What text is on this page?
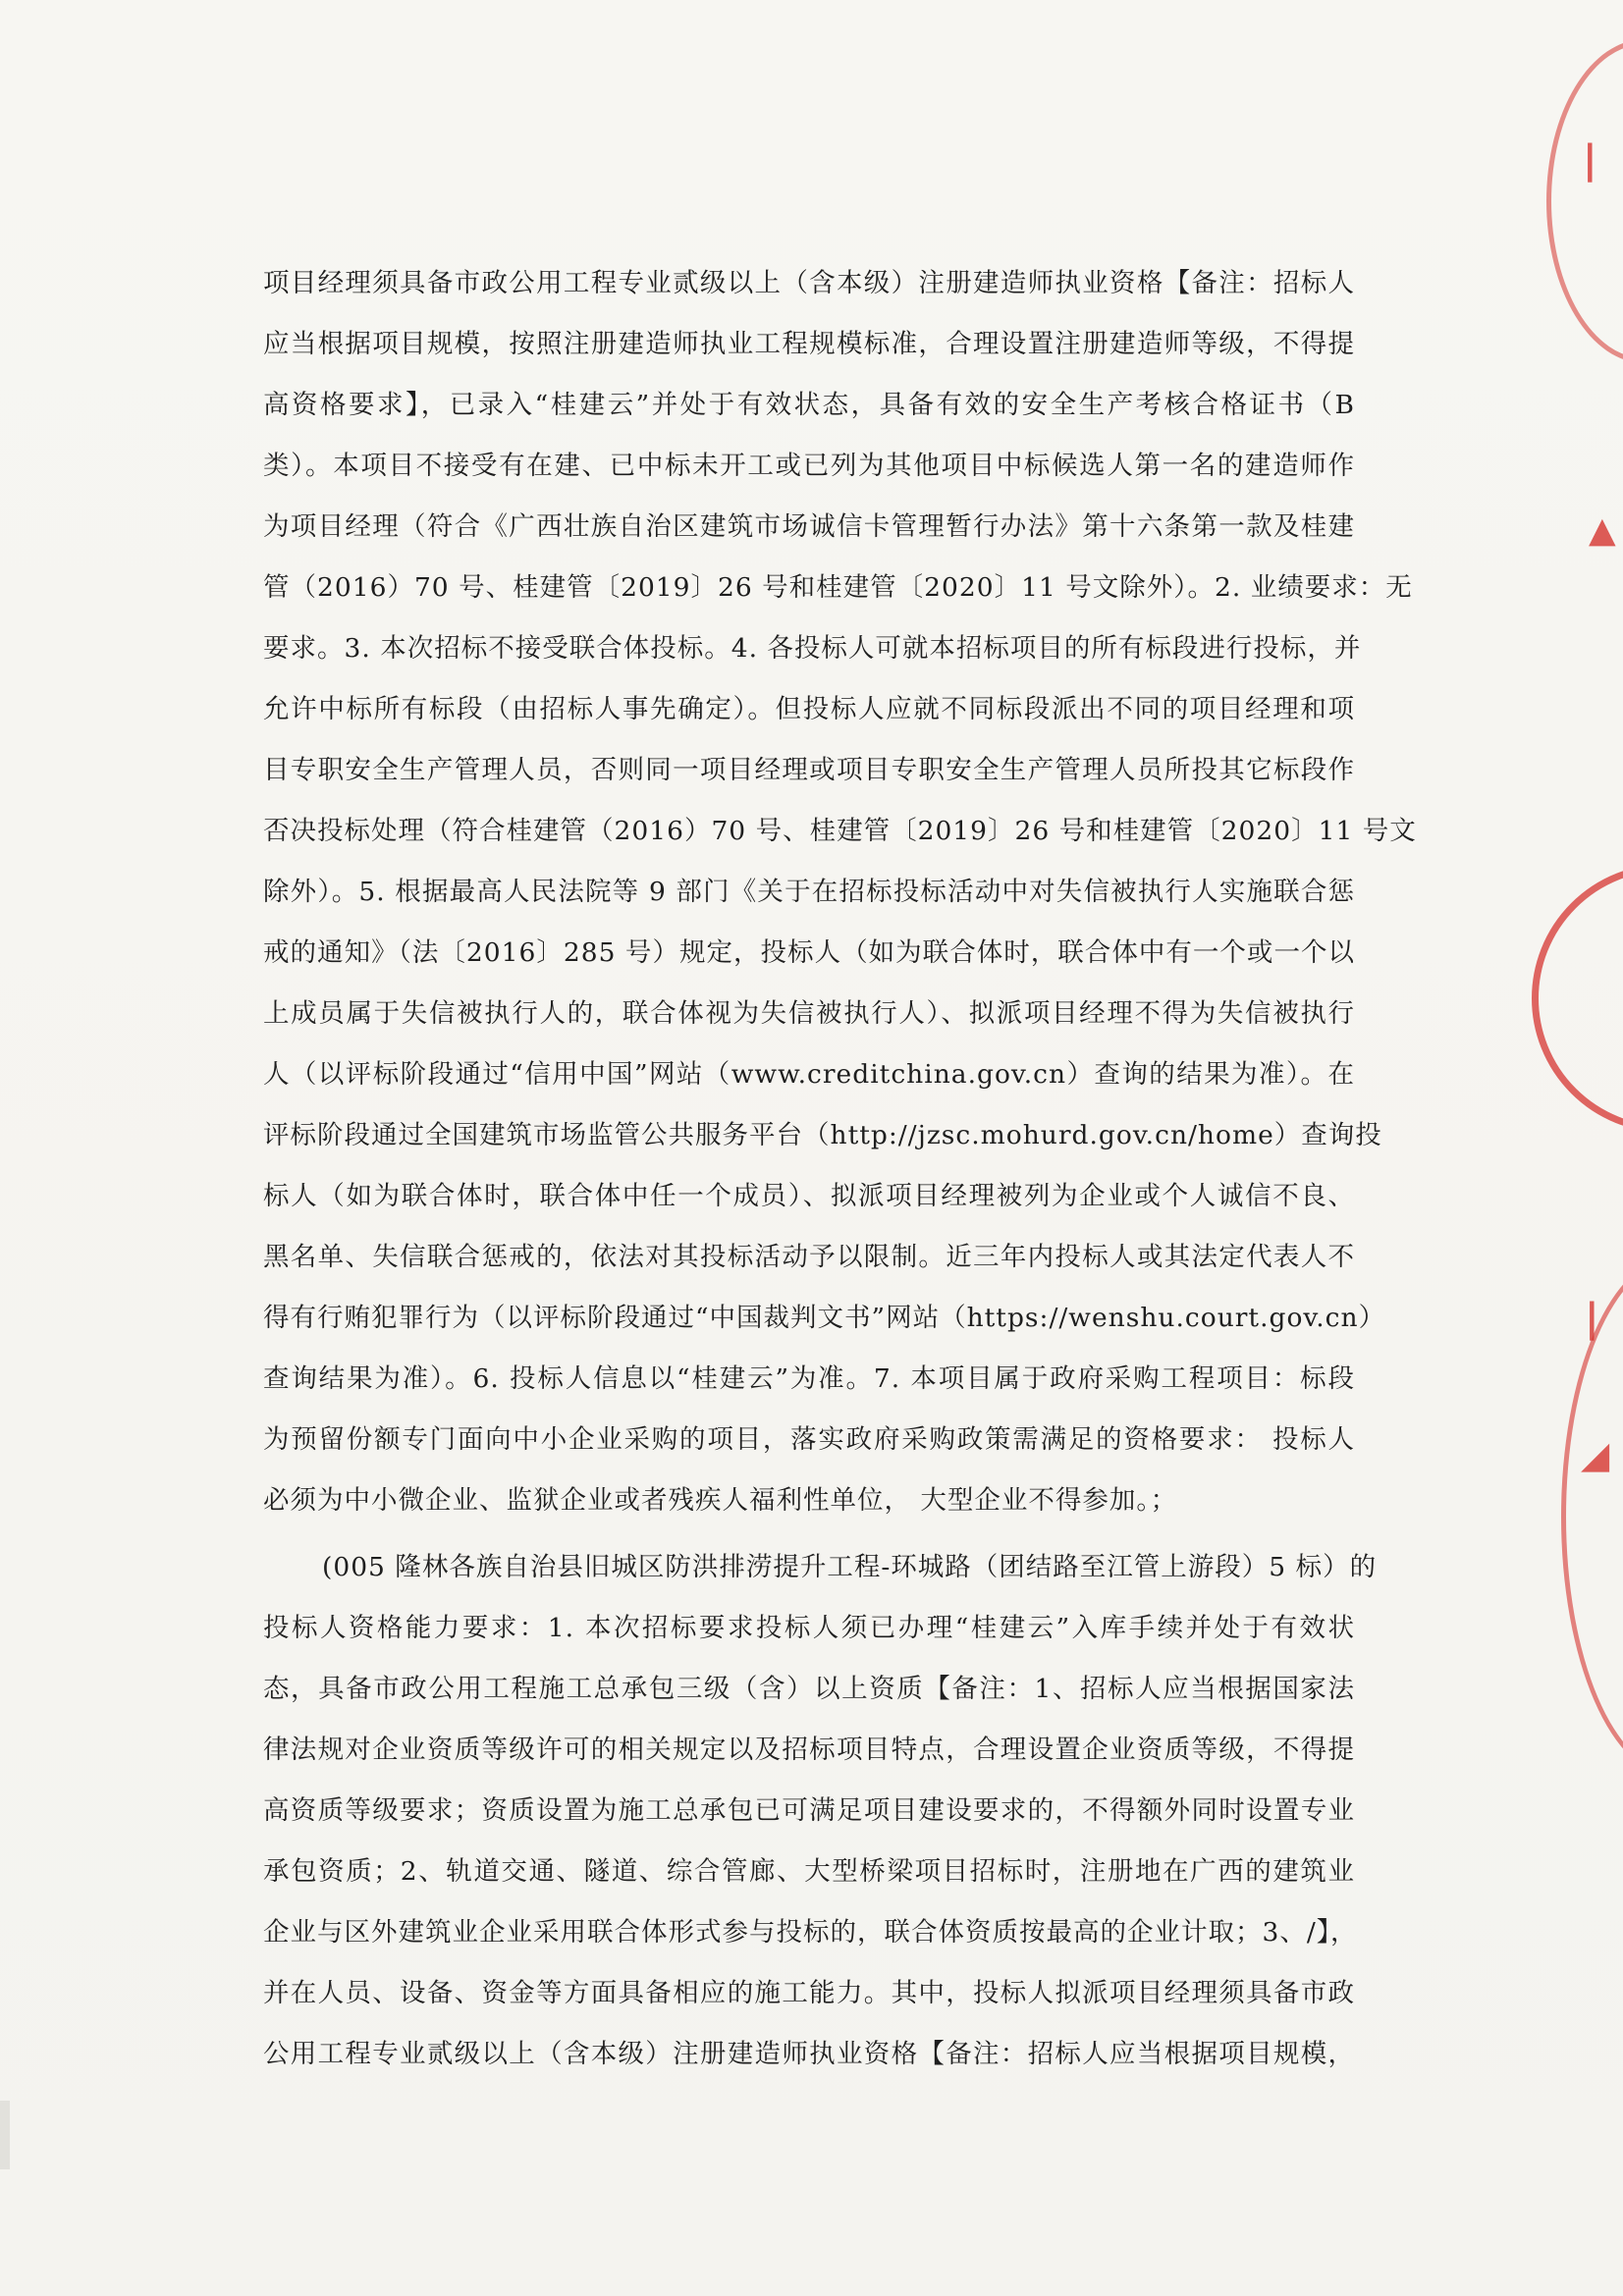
项目经理须具备市政公用工程专业贰级以上（含本级）注册建造师执业资格【备注：招标人
应当根据项目规模，按照注册建造师执业工程规模标准，合理设置注册建造师等级，不得提
高资格要求】，已录入“桂建云”并处于有效状态，具备有效的安全生产考核合格证书（B
类）。本项目不接受有在建、已中标未开工或已列为其他项目中标候选人第一名的建造师作
为项目经理（符合《广西壮族自治区建筑市场诚信卡管理暂行办法》第十六条第一款及桂建
管（2016）70 号、桂建管〔2019〕26 号和桂建管〔2020〕11 号文除外）。2. 业绩要求：无
要求。3. 本次招标不接受联合体投标。4. 各投标人可就本招标项目的所有标段进行投标，并
允许中标所有标段（由招标人事先确定）。但投标人应就不同标段派出不同的项目经理和项
目专职安全生产管理人员，否则同一项目经理或项目专职安全生产管理人员所投其它标段作
否决投标处理（符合桂建管（2016）70 号、桂建管〔2019〕26 号和桂建管〔2020〕11 号文
除外）。5. 根据最高人民法院等 9 部门《关于在招标投标活动中对失信被执行人实施联合惩
戒的通知》（法〔2016〕285 号）规定，投标人（如为联合体时，联合体中有一个或一个以
上成员属于失信被执行人的，联合体视为失信被执行人）、拟派项目经理不得为失信被执行
人（以评标阶段通过“信用中国”网站（www.creditchina.gov.cn）查询的结果为准）。在
评标阶段通过全国建筑市场监管公共服务平台（http://jzsc.mohurd.gov.cn/home）查询投
标人（如为联合体时，联合体中任一个成员）、拟派项目经理被列为企业或个人诚信不良、
黑名单、失信联合惩戒的，依法对其投标活动予以限制。近三年内投标人或其法定代表人不
得有行贿犯罪行为（以评标阶段通过“中国裁判文书”网站（https://wenshu.court.gov.cn）
查询结果为准）。6. 投标人信息以“桂建云”为准。7. 本项目属于政府采购工程项目：标段
为预留份额专门面向中小企业采购的项目，落实政府采购政策需满足的资格要求： 投标人
必须为中小微企业、监狱企业或者残疾人福利性单位， 大型企业不得参加。；
(005 隆林各族自治县旧城区防洪排涝提升工程-环城路（团结路至江管上游段）5 标）的
投标人资格能力要求：1. 本次招标要求投标人须已办理“桂建云”入库手续并处于有效状
态，具备市政公用工程施工总承包三级（含）以上资质【备注：1、招标人应当根据国家法
律法规对企业资质等级许可的相关规定以及招标项目特点，合理设置企业资质等级，不得提
高资质等级要求；资质设置为施工总承包已可满足项目建设要求的，不得额外同时设置专业
承包资质；2、轨道交通、隧道、综合管廊、大型桥梁项目招标时，注册地在广西的建筑业
企业与区外建筑业企业采用联合体形式参与投标的，联合体资质按最高的企业计取；3、/】，
并在人员、设备、资金等方面具备相应的施工能力。其中，投标人拟派项目经理须具备市政
公用工程专业贰级以上（含本级）注册建造师执业资格【备注：招标人应当根据项目规模，
|
▲
|
◢
